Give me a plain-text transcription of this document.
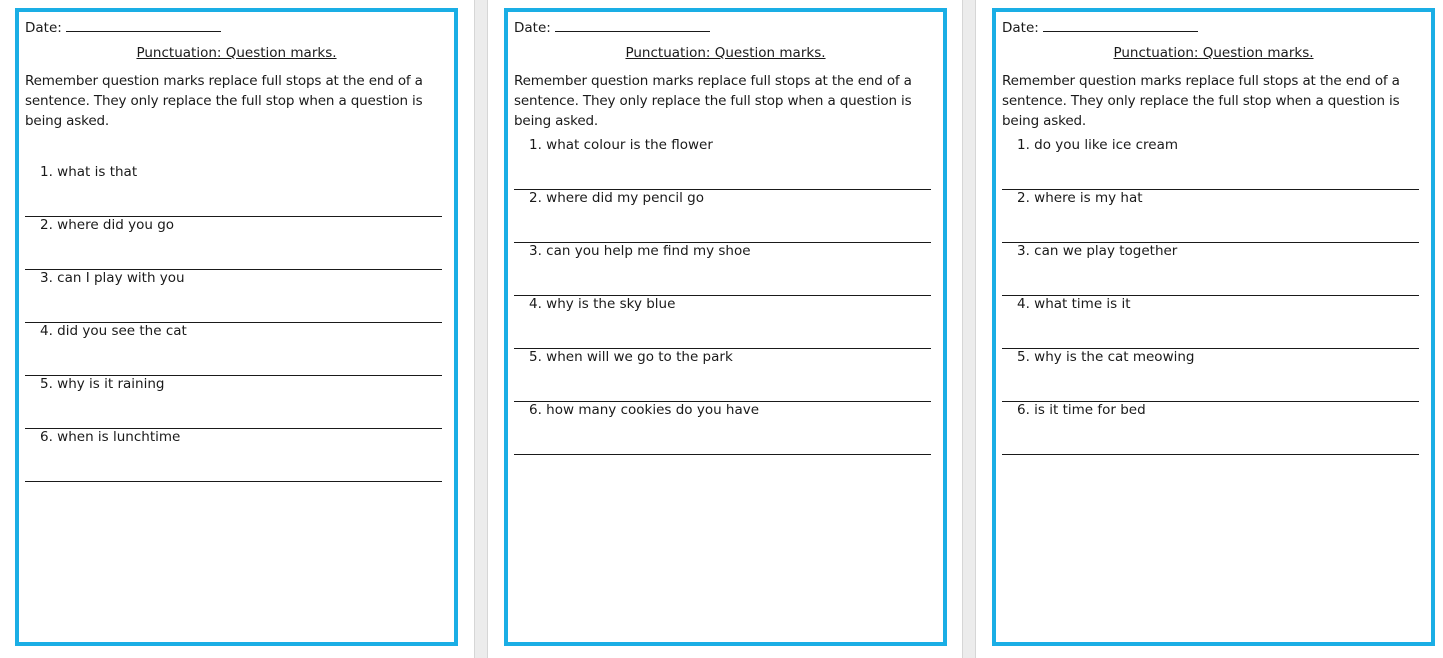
Date:
Punctuation: Question marks.
Remember question marks replace full stops at the end of a sentence. They only replace the full stop when a question is being asked.
1. what is that
2. where did you go
3. can I play with you
4. did you see the cat
5. why is it raining
6. when is lunchtime
Date:
Punctuation: Question marks.
Remember question marks replace full stops at the end of a sentence. They only replace the full stop when a question is being asked.
1. what colour is the flower
2. where did my pencil go
3. can you help me find my shoe
4. why is the sky blue
5. when will we go to the park
6. how many cookies do you have
Date:
Punctuation: Question marks.
Remember question marks replace full stops at the end of a sentence. They only replace the full stop when a question is being asked.
1. do you like ice cream
2. where is my hat
3. can we play together
4. what time is it
5. why is the cat meowing
6. is it time for bed
